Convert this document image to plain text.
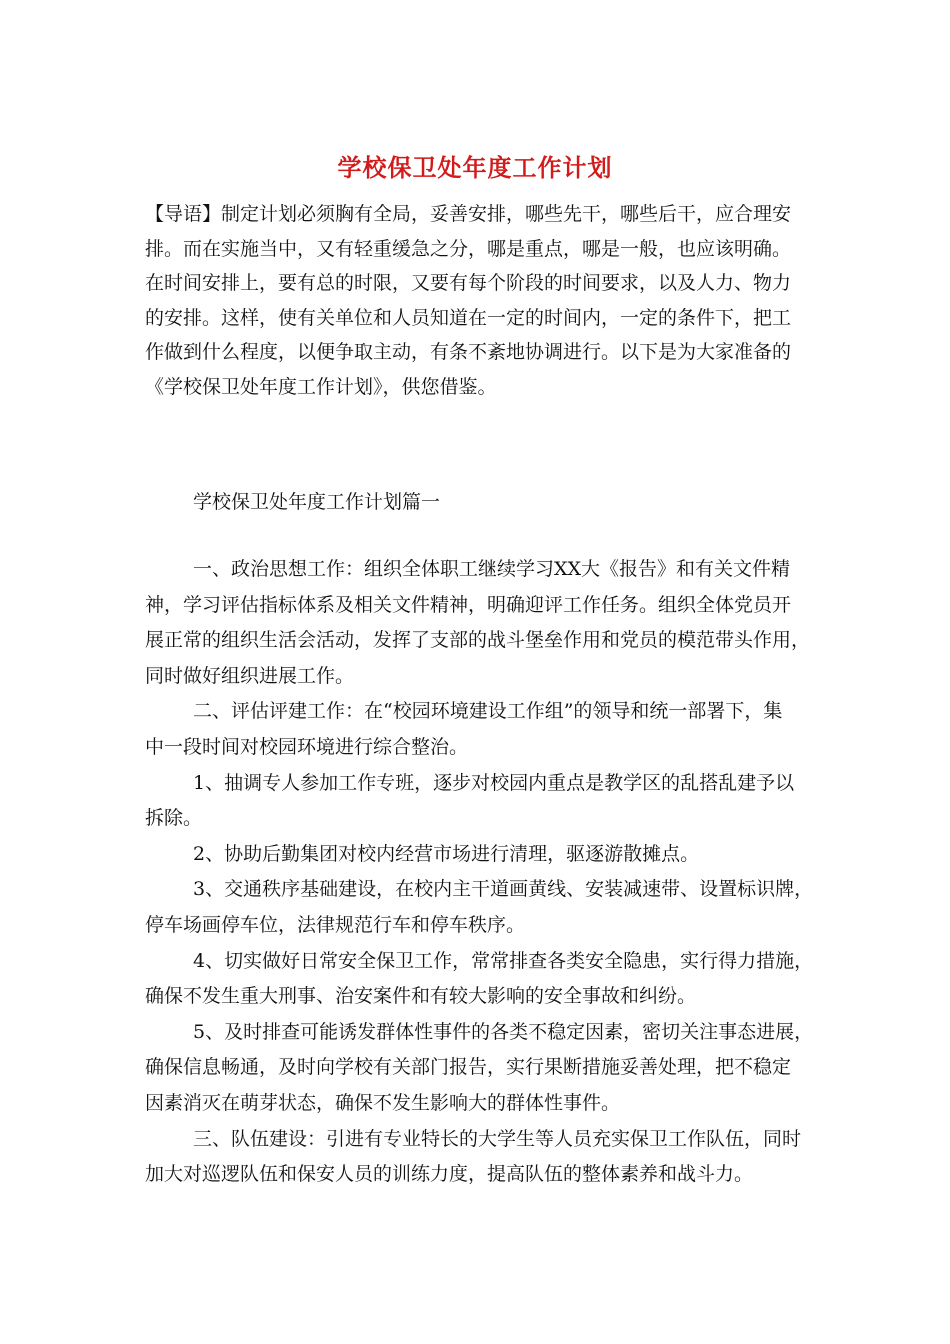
学校保卫处年度工作计划
【导语】制定计划必须胸有全局，妥善安排，哪些先干，哪些后干，应合理安
排。而在实施当中，又有轻重缓急之分，哪是重点，哪是一般，也应该明确。
在时间安排上，要有总的时限，又要有每个阶段的时间要求，以及人力、物力
的安排。这样，使有关单位和人员知道在一定的时间内，一定的条件下，把工
作做到什么程度，以便争取主动，有条不紊地协调进行。以下是为大家准备的
《学校保卫处年度工作计划》，供您借鉴。
学校保卫处年度工作计划篇一
一、政治思想工作：组织全体职工继续学习XX大《报告》和有关文件精
神，学习评估指标体系及相关文件精神，明确迎评工作任务。组织全体党员开
展正常的组织生活会活动，发挥了支部的战斗堡垒作用和党员的模范带头作用，
同时做好组织进展工作。
二、评估评建工作：在“校园环境建设工作组”的领导和统一部署下，集
中一段时间对校园环境进行综合整治。
1、抽调专人参加工作专班，逐步对校园内重点是教学区的乱搭乱建予以
拆除。
2、协助后勤集团对校内经营市场进行清理，驱逐游散摊点。
3、交通秩序基础建设，在校内主干道画黄线、安装减速带、设置标识牌，
停车场画停车位，法律规范行车和停车秩序。
4、切实做好日常安全保卫工作，常常排查各类安全隐患，实行得力措施，
确保不发生重大刑事、治安案件和有较大影响的安全事故和纠纷。
5、及时排查可能诱发群体性事件的各类不稳定因素，密切关注事态进展，
确保信息畅通，及时向学校有关部门报告，实行果断措施妥善处理，把不稳定
因素消灭在萌芽状态，确保不发生影响大的群体性事件。
三、队伍建设：引进有专业特长的大学生等人员充实保卫工作队伍，同时
加大对巡逻队伍和保安人员的训练力度，提高队伍的整体素养和战斗力。
